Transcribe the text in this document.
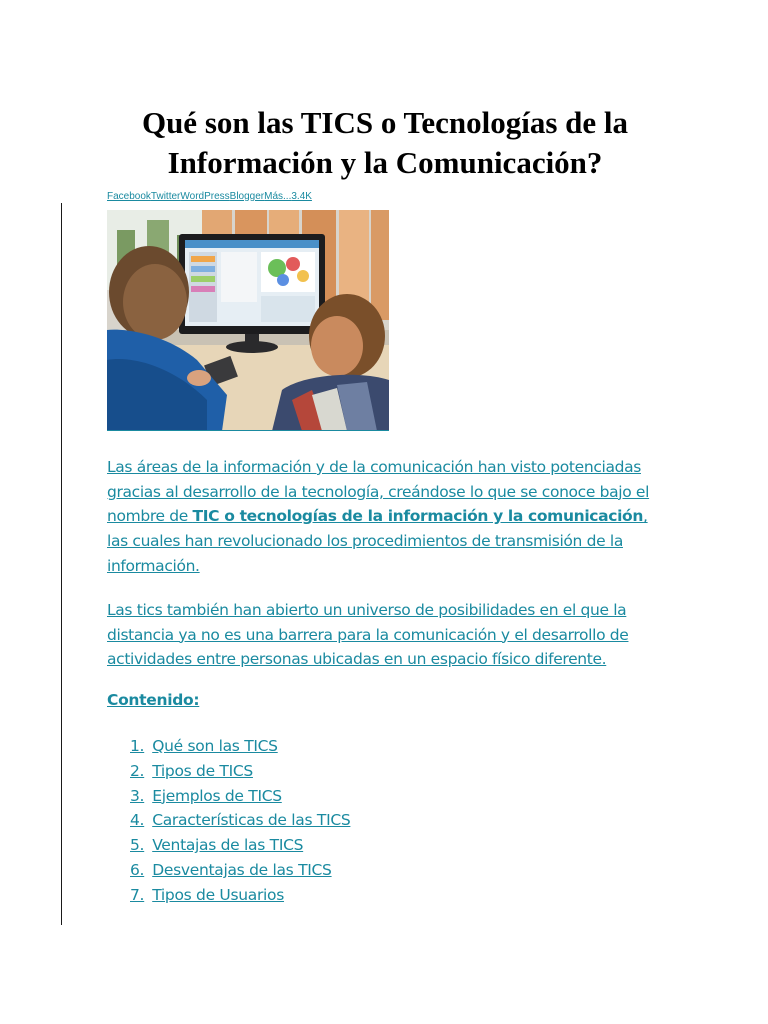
Qué son las TICS o Tecnologías de la Información y la Comunicación?
FacebookTwitterWordPressBloggerMás...3.4K

Las áreas de la información y de la comunicación han visto potenciadas gracias al desarrollo de la tecnología, creándose lo que se conoce bajo el nombre de TIC o tecnologías de la información y la comunicación, las cuales han revolucionado los procedimientos de transmisión de la información.

Las tics también han abierto un universo de posibilidades en el que la distancia ya no es una barrera para la comunicación y el desarrollo de actividades entre personas ubicadas en un espacio físico diferente.

Contenido:
1. Qué son las TICS
2. Tipos de TICS
3. Ejemplos de TICS
4. Características de las TICS
5. Ventajas de las TICS
6. Desventajas de las TICS
7. Tipos de Usuarios
